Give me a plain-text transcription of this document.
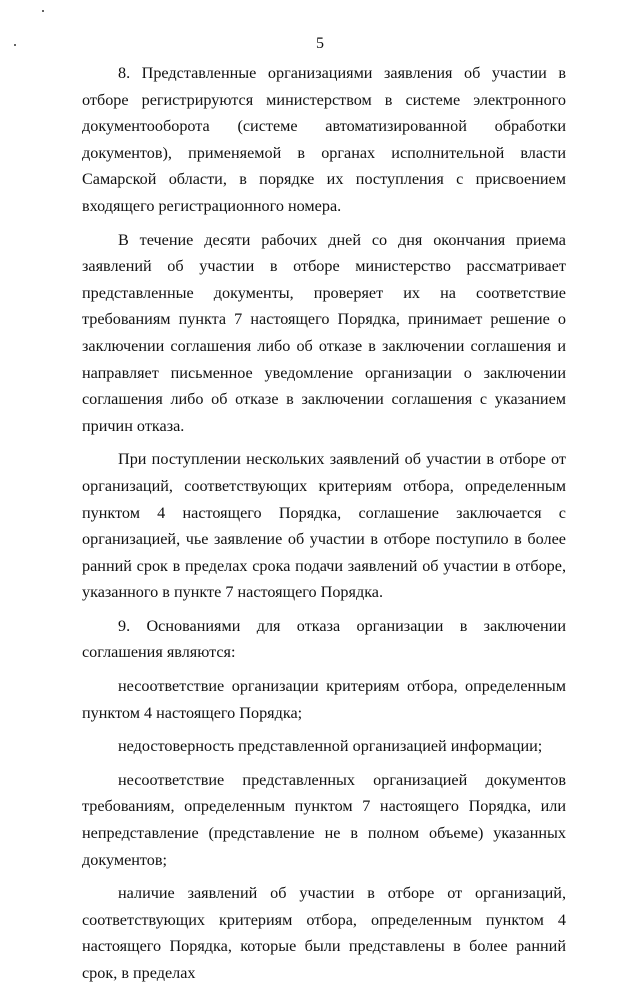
5

8. Представленные организациями заявления об участии в отборе регистрируются министерством в системе электронного документооборота (системе автоматизированной обработки документов), применяемой в органах исполнительной власти Самарской области, в порядке их поступления с присвоением входящего регистрационного номера.

В течение десяти рабочих дней со дня окончания приема заявлений об участии в отборе министерство рассматривает представленные документы, проверяет их на соответствие требованиям пункта 7 настоящего Порядка, принимает решение о заключении соглашения либо об отказе в заключении соглашения и направляет письменное уведомление организации о заключении соглашения либо об отказе в заключении соглашения с указанием причин отказа.

При поступлении нескольких заявлений об участии в отборе от организаций, соответствующих критериям отбора, определенным пунктом 4 настоящего Порядка, соглашение заключается с организацией, чье заявление об участии в отборе поступило в более ранний срок в пределах срока подачи заявлений об участии в отборе, указанного в пункте 7 настоящего Порядка.

9. Основаниями для отказа организации в заключении соглашения являются:

несоответствие организации критериям отбора, определенным пунктом 4 настоящего Порядка;

недостоверность представленной организацией информации;

несоответствие представленных организацией документов требованиям, определенным пунктом 7 настоящего Порядка, или непредставление (представление не в полном объеме) указанных документов;

наличие заявлений об участии в отборе от организаций, соответствующих критериям отбора, определенным пунктом 4 настоящего Порядка, которые были представлены в более ранний срок, в пределах
